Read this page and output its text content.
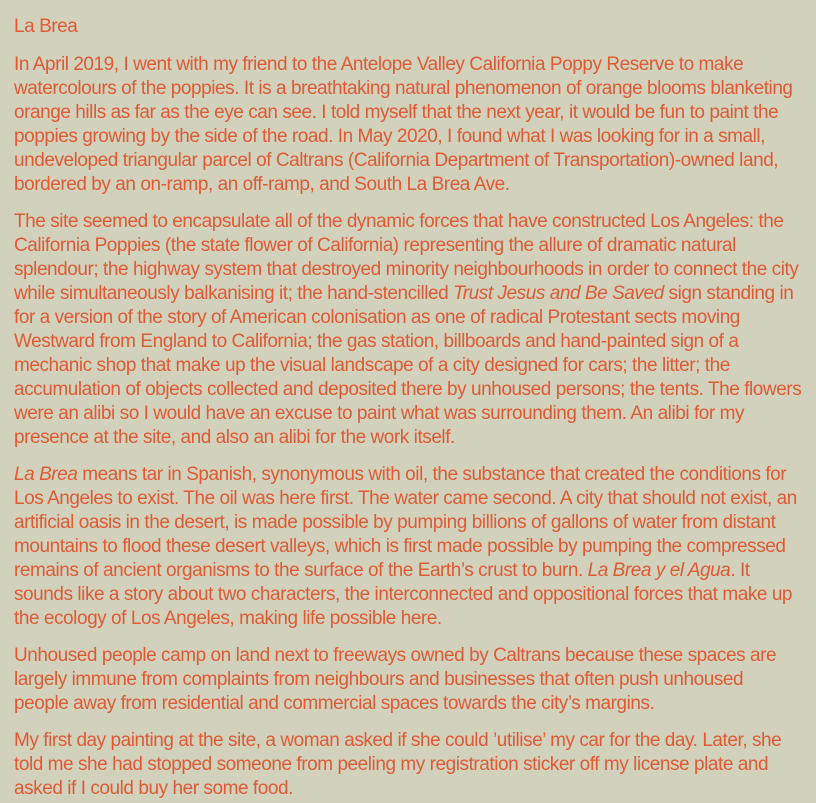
La Brea

In April 2019, I went with my friend to the Antelope Valley California Poppy Reserve to make watercolours of the poppies. It is a breathtaking natural phenomenon of orange blooms blanketing orange hills as far as the eye can see. I told myself that the next year, it would be fun to paint the poppies growing by the side of the road. In May 2020, I found what I was looking for in a small, undeveloped triangular parcel of Caltrans (California Department of Transportation)-owned land, bordered by an on-ramp, an off-ramp, and South La Brea Ave.

The site seemed to encapsulate all of the dynamic forces that have constructed Los Angeles: the California Poppies (the state flower of California) representing the allure of dramatic natural splendour; the highway system that destroyed minority neighbourhoods in order to connect the city while simultaneously balkanising it; the hand-stencilled Trust Jesus and Be Saved sign standing in for a version of the story of American colonisation as one of radical Protestant sects moving Westward from England to California; the gas station, billboards and hand-painted sign of a mechanic shop that make up the visual landscape of a city designed for cars; the litter; the accumulation of objects collected and deposited there by unhoused persons; the tents. The flowers were an alibi so I would have an excuse to paint what was surrounding them. An alibi for my presence at the site, and also an alibi for the work itself.

La Brea means tar in Spanish, synonymous with oil, the substance that created the conditions for Los Angeles to exist. The oil was here first. The water came second. A city that should not exist, an artificial oasis in the desert, is made possible by pumping billions of gallons of water from distant mountains to flood these desert valleys, which is first made possible by pumping the compressed remains of ancient organisms to the surface of the Earth’s crust to burn. La Brea y el Agua. It sounds like a story about two characters, the interconnected and oppositional forces that make up the ecology of Los Angeles, making life possible here.

Unhoused people camp on land next to freeways owned by Caltrans because these spaces are largely immune from complaints from neighbours and businesses that often push unhoused people away from residential and commercial spaces towards the city’s margins.

My first day painting at the site, a woman asked if she could ’utilise’ my car for the day. Later, she told me she had stopped someone from peeling my registration sticker off my license plate and asked if I could buy her some food.
